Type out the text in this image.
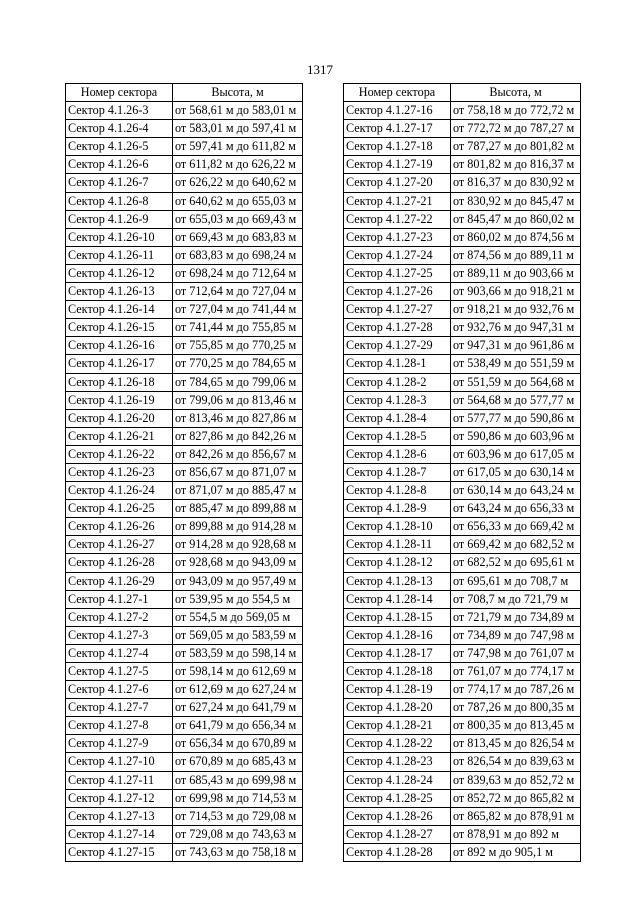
1317
Номер сектора	Высота, м
Сектор 4.1.26-3	от 568,61 м до 583,01 м
Сектор 4.1.26-4	от 583,01 м до 597,41 м
Сектор 4.1.26-5	от 597,41 м до 611,82 м
Сектор 4.1.26-6	от 611,82 м до 626,22 м
Сектор 4.1.26-7	от 626,22 м до 640,62 м
Сектор 4.1.26-8	от 640,62 м до 655,03 м
Сектор 4.1.26-9	от 655,03 м до 669,43 м
Сектор 4.1.26-10	от 669,43 м до 683,83 м
Сектор 4.1.26-11	от 683,83 м до 698,24 м
Сектор 4.1.26-12	от 698,24 м до 712,64 м
Сектор 4.1.26-13	от 712,64 м до 727,04 м
Сектор 4.1.26-14	от 727,04 м до 741,44 м
Сектор 4.1.26-15	от 741,44 м до 755,85 м
Сектор 4.1.26-16	от 755,85 м до 770,25 м
Сектор 4.1.26-17	от 770,25 м до 784,65 м
Сектор 4.1.26-18	от 784,65 м до 799,06 м
Сектор 4.1.26-19	от 799,06 м до 813,46 м
Сектор 4.1.26-20	от 813,46 м до 827,86 м
Сектор 4.1.26-21	от 827,86 м до 842,26 м
Сектор 4.1.26-22	от 842,26 м до 856,67 м
Сектор 4.1.26-23	от 856,67 м до 871,07 м
Сектор 4.1.26-24	от 871,07 м до 885,47 м
Сектор 4.1.26-25	от 885,47 м до 899,88 м
Сектор 4.1.26-26	от 899,88 м до 914,28 м
Сектор 4.1.26-27	от 914,28 м до 928,68 м
Сектор 4.1.26-28	от 928,68 м до 943,09 м
Сектор 4.1.26-29	от 943,09 м до 957,49 м
Сектор 4.1.27-1	от 539,95 м до 554,5 м
Сектор 4.1.27-2	от 554,5 м до 569,05 м
Сектор 4.1.27-3	от 569,05 м до 583,59 м
Сектор 4.1.27-4	от 583,59 м до 598,14 м
Сектор 4.1.27-5	от 598,14 м до 612,69 м
Сектор 4.1.27-6	от 612,69 м до 627,24 м
Сектор 4.1.27-7	от 627,24 м до 641,79 м
Сектор 4.1.27-8	от 641,79 м до 656,34 м
Сектор 4.1.27-9	от 656,34 м до 670,89 м
Сектор 4.1.27-10	от 670,89 м до 685,43 м
Сектор 4.1.27-11	от 685,43 м до 699,98 м
Сектор 4.1.27-12	от 699,98 м до 714,53 м
Сектор 4.1.27-13	от 714,53 м до 729,08 м
Сектор 4.1.27-14	от 729,08 м до 743,63 м
Сектор 4.1.27-15	от 743,63 м до 758,18 м
Номер сектора	Высота, м
Сектор 4.1.27-16	от 758,18 м до 772,72 м
Сектор 4.1.27-17	от 772,72 м до 787,27 м
Сектор 4.1.27-18	от 787,27 м до 801,82 м
Сектор 4.1.27-19	от 801,82 м до 816,37 м
Сектор 4.1.27-20	от 816,37 м до 830,92 м
Сектор 4.1.27-21	от 830,92 м до 845,47 м
Сектор 4.1.27-22	от 845,47 м до 860,02 м
Сектор 4.1.27-23	от 860,02 м до 874,56 м
Сектор 4.1.27-24	от 874,56 м до 889,11 м
Сектор 4.1.27-25	от 889,11 м до 903,66 м
Сектор 4.1.27-26	от 903,66 м до 918,21 м
Сектор 4.1.27-27	от 918,21 м до 932,76 м
Сектор 4.1.27-28	от 932,76 м до 947,31 м
Сектор 4.1.27-29	от 947,31 м до 961,86 м
Сектор 4.1.28-1	от 538,49 м до 551,59 м
Сектор 4.1.28-2	от 551,59 м до 564,68 м
Сектор 4.1.28-3	от 564,68 м до 577,77 м
Сектор 4.1.28-4	от 577,77 м до 590,86 м
Сектор 4.1.28-5	от 590,86 м до 603,96 м
Сектор 4.1.28-6	от 603,96 м до 617,05 м
Сектор 4.1.28-7	от 617,05 м до 630,14 м
Сектор 4.1.28-8	от 630,14 м до 643,24 м
Сектор 4.1.28-9	от 643,24 м до 656,33 м
Сектор 4.1.28-10	от 656,33 м до 669,42 м
Сектор 4.1.28-11	от 669,42 м до 682,52 м
Сектор 4.1.28-12	от 682,52 м до 695,61 м
Сектор 4.1.28-13	от 695,61 м до 708,7 м
Сектор 4.1.28-14	от 708,7 м до 721,79 м
Сектор 4.1.28-15	от 721,79 м до 734,89 м
Сектор 4.1.28-16	от 734,89 м до 747,98 м
Сектор 4.1.28-17	от 747,98 м до 761,07 м
Сектор 4.1.28-18	от 761,07 м до 774,17 м
Сектор 4.1.28-19	от 774,17 м до 787,26 м
Сектор 4.1.28-20	от 787,26 м до 800,35 м
Сектор 4.1.28-21	от 800,35 м до 813,45 м
Сектор 4.1.28-22	от 813,45 м до 826,54 м
Сектор 4.1.28-23	от 826,54 м до 839,63 м
Сектор 4.1.28-24	от 839,63 м до 852,72 м
Сектор 4.1.28-25	от 852,72 м до 865,82 м
Сектор 4.1.28-26	от 865,82 м до 878,91 м
Сектор 4.1.28-27	от 878,91 м до 892 м
Сектор 4.1.28-28	от 892 м до 905,1 м
